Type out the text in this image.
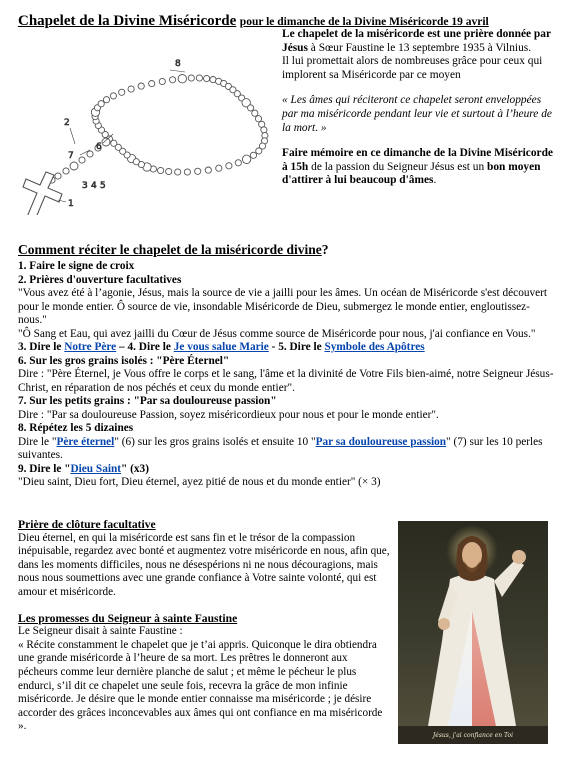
Chapelet de la Divine Miséricorde pour le dimanche de la Divine Miséricorde 19 avril
1
2
3 4 5
6
7
8

Le chapelet de la miséricorde est une prière donnée par Jésus à Sœur Faustine le 13 septembre 1935 à Vilnius.

Il lui promettait alors de nombreuses grâce pour ceux qui implorent sa Miséricorde par ce moyen

« Les âmes qui réciteront ce chapelet seront enveloppées par ma miséricorde pendant leur vie et surtout à l’heure de la mort. »

Faire mémoire en ce dimanche de la Divine Miséricorde à 15h de la passion du Seigneur Jésus est un bon moyen d'attirer à lui beaucoup d'âmes.

Comment réciter le chapelet de la miséricorde divine?

1. Faire le signe de croix

2. Prières d'ouverture facultatives

"Vous avez été à l’agonie, Jésus, mais la source de vie a jailli pour les âmes. Un océan de Miséricorde s'est découvert pour le monde entier. Ô source de vie, insondable Miséricorde de Dieu, submergez le monde entier, engloutissez-nous."

"Ô Sang et Eau, qui avez jailli du Cœur de Jésus comme source de Miséricorde pour nous, j'ai confiance en Vous."

3. Dire le Notre Père – 4. Dire le Je vous salue Marie - 5. Dire le Symbole des Apôtres

6. Sur les gros grains isolés : "Père Éternel"

Dire : "Père Éternel, je Vous offre le corps et le sang, l'âme et la divinité de Votre Fils bien-aimé, notre Seigneur Jésus-Christ, en réparation de nos péchés et ceux du monde entier".

7. Sur les petits grains : "Par sa douloureuse passion"

Dire : "Par sa douloureuse Passion, soyez miséricordieux pour nous et pour le monde entier".

8. Répétez les 5 dizaines

Dire le "Père éternel" (6) sur les gros grains isolés et ensuite 10 "Par sa douloureuse passion" (7) sur les 10 perles suivantes.

9. Dire le "Dieu Saint" (x3)

"Dieu saint, Dieu fort, Dieu éternel, ayez pitié de nous et du monde entier" (× 3)

Prière de clôture facultative

Dieu éternel, en qui la miséricorde est sans fin et le trésor de la compassion inépuisable, regardez avec bonté et augmentez votre miséricorde en nous, afin que, dans les moments difficiles, nous ne désespérions ni ne nous découragions, mais nous nous soumettions avec une grande confiance à Votre sainte volonté, qui est amour et miséricorde.

Les promesses du Seigneur à sainte Faustine

Le Seigneur disait à sainte Faustine :

« Récite constamment le chapelet que je t’ai appris. Quiconque le dira obtiendra une grande miséricorde à l’heure de sa mort. Les prêtres le donneront aux pécheurs comme leur dernière planche de salut ; et même le pécheur le plus endurci, s’il dit ce chapelet une seule fois, recevra la grâce de mon infinie miséricorde. Je désire que le monde entier connaisse ma miséricorde ; je désire accorder des grâces inconcevables aux âmes qui ont confiance en ma miséricorde ».

Jésus, j'ai confiance en Toi
